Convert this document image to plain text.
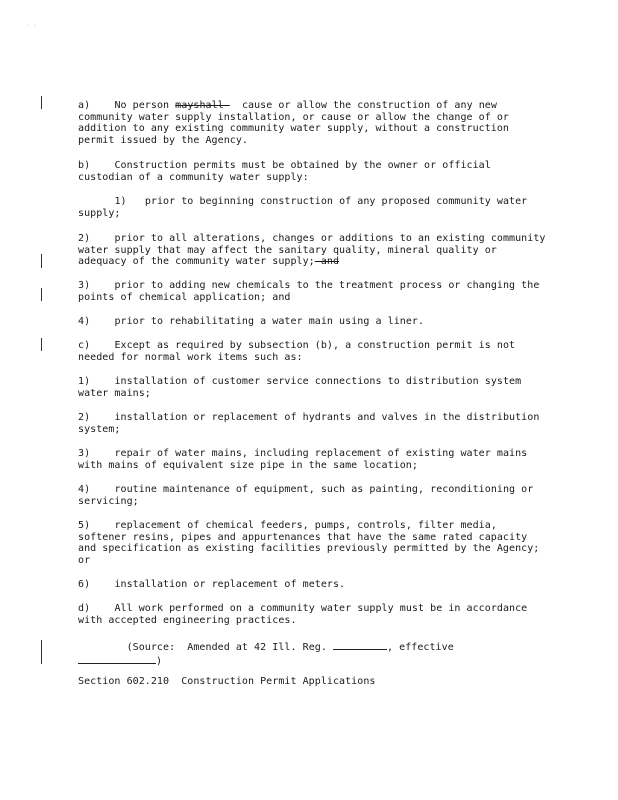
' '

a) No person mayshall   cause or allow the construction of any new community water supply installation, or cause or allow the change of or addition to any existing community water supply, without a construction permit issued by the Agency.

b) Construction permits must be obtained by the owner or official custodian of a community water supply:

1) prior to beginning construction of any proposed community water supply;

2) prior to all alterations, changes or additions to an existing community water supply that may affect the sanitary quality, mineral quality or adequacy of the community water supply; and

3) prior to adding new chemicals to the treatment process or changing the points of chemical application; and

4) prior to rehabilitating a water main using a liner.

c) Except as required by subsection (b), a construction permit is not needed for normal work items such as:

1) installation of customer service connections to distribution system water mains;

2) installation or replacement of hydrants and valves in the distribution system;

3) repair of water mains, including replacement of existing water mains with mains of equivalent size pipe in the same location;

4) routine maintenance of equipment, such as painting, reconditioning or servicing;

5) replacement of chemical feeders, pumps, controls, filter media, softener resins, pipes and appurtenances that have the same rated capacity and specification as existing facilities previously permitted by the Agency; or

6) installation or replacement of meters.

d) All work performed on a community water supply must be in accordance with accepted engineering practices.

(Source:  Amended at 42 Ill. Reg.	, effective
)

Section 602.210  Construction Permit Applications
